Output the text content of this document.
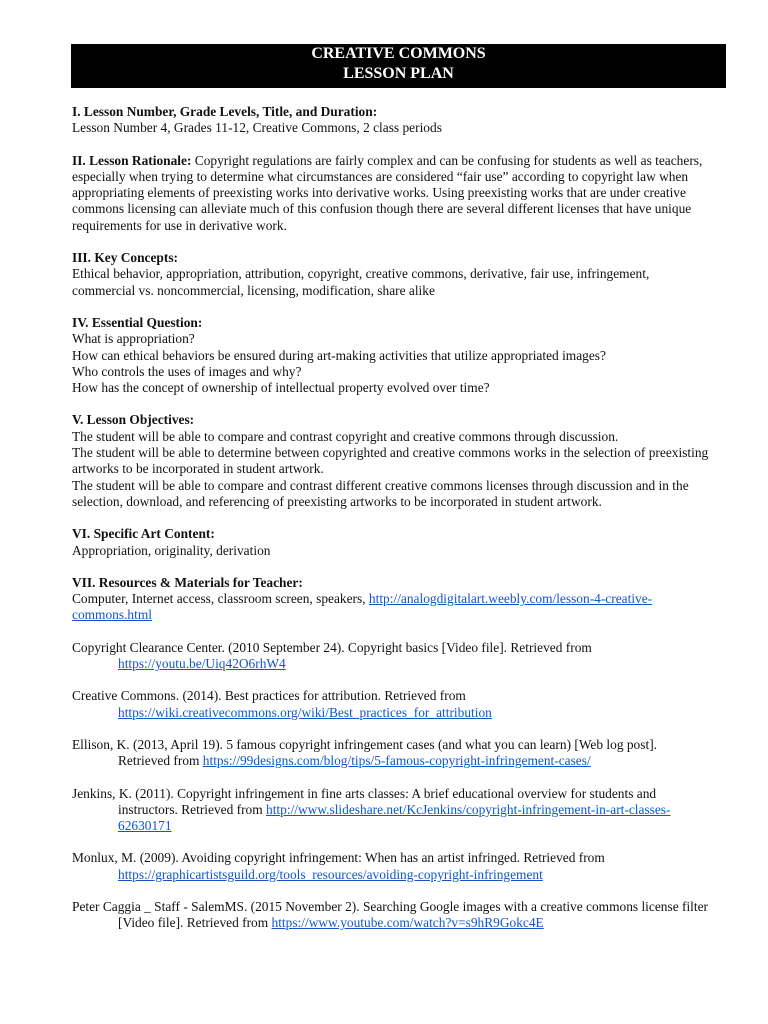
CREATIVE COMMONS
LESSON PLAN

I. Lesson Number, Grade Levels, Title, and Duration:

Lesson Number 4, Grades 11-12, Creative Commons, 2 class periods

II. Lesson Rationale: Copyright regulations are fairly complex and can be confusing for students as well as teachers, especially when trying to determine what circumstances are considered “fair use” according to copyright law when appropriating elements of preexisting works into derivative works. Using preexisting works that are under creative commons licensing can alleviate much of this confusion though there are several different licenses that have unique requirements for use in derivative work.

III. Key Concepts:

Ethical behavior, appropriation, attribution, copyright, creative commons, derivative, fair use, infringement, commercial vs. noncommercial, licensing, modification, share alike

IV. Essential Question:

What is appropriation?

How can ethical behaviors be ensured during art-making activities that utilize appropriated images?

Who controls the uses of images and why?

How has the concept of ownership of intellectual property evolved over time?

V. Lesson Objectives:

The student will be able to compare and contrast copyright and creative commons through discussion.

The student will be able to determine between copyrighted and creative commons works in the selection of preexisting artworks to be incorporated in student artwork.

The student will be able to compare and contrast different creative commons licenses through discussion and in the selection, download, and referencing of preexisting artworks to be incorporated in student artwork.

VI. Specific Art Content:

Appropriation, originality, derivation

VII. Resources & Materials for Teacher:

Computer, Internet access, classroom screen, speakers, http://analogdigitalart.weebly.com/lesson-4-creative-commons.html

Copyright Clearance Center. (2010 September 24). Copyright basics [Video file]. Retrieved from https://youtu.be/Uiq42O6rhW4

Creative Commons. (2014). Best practices for attribution. Retrieved from https://wiki.creativecommons.org/wiki/Best_practices_for_attribution

Ellison, K. (2013, April 19). 5 famous copyright infringement cases (and what you can learn) [Web log post]. Retrieved from https://99designs.com/blog/tips/5-famous-copyright-infringement-cases/

Jenkins, K. (2011). Copyright infringement in fine arts classes: A brief educational overview for students and instructors. Retrieved from http://www.slideshare.net/KcJenkins/copyright-infringement-in-art-classes-62630171

Monlux, M. (2009). Avoiding copyright infringement: When has an artist infringed. Retrieved from https://graphicartistsguild.org/tools_resources/avoiding-copyright-infringement

Peter Caggia _ Staff - SalemMS. (2015 November 2). Searching Google images with a creative commons license filter [Video file]. Retrieved from https://www.youtube.com/watch?v=s9hR9Gokc4E
